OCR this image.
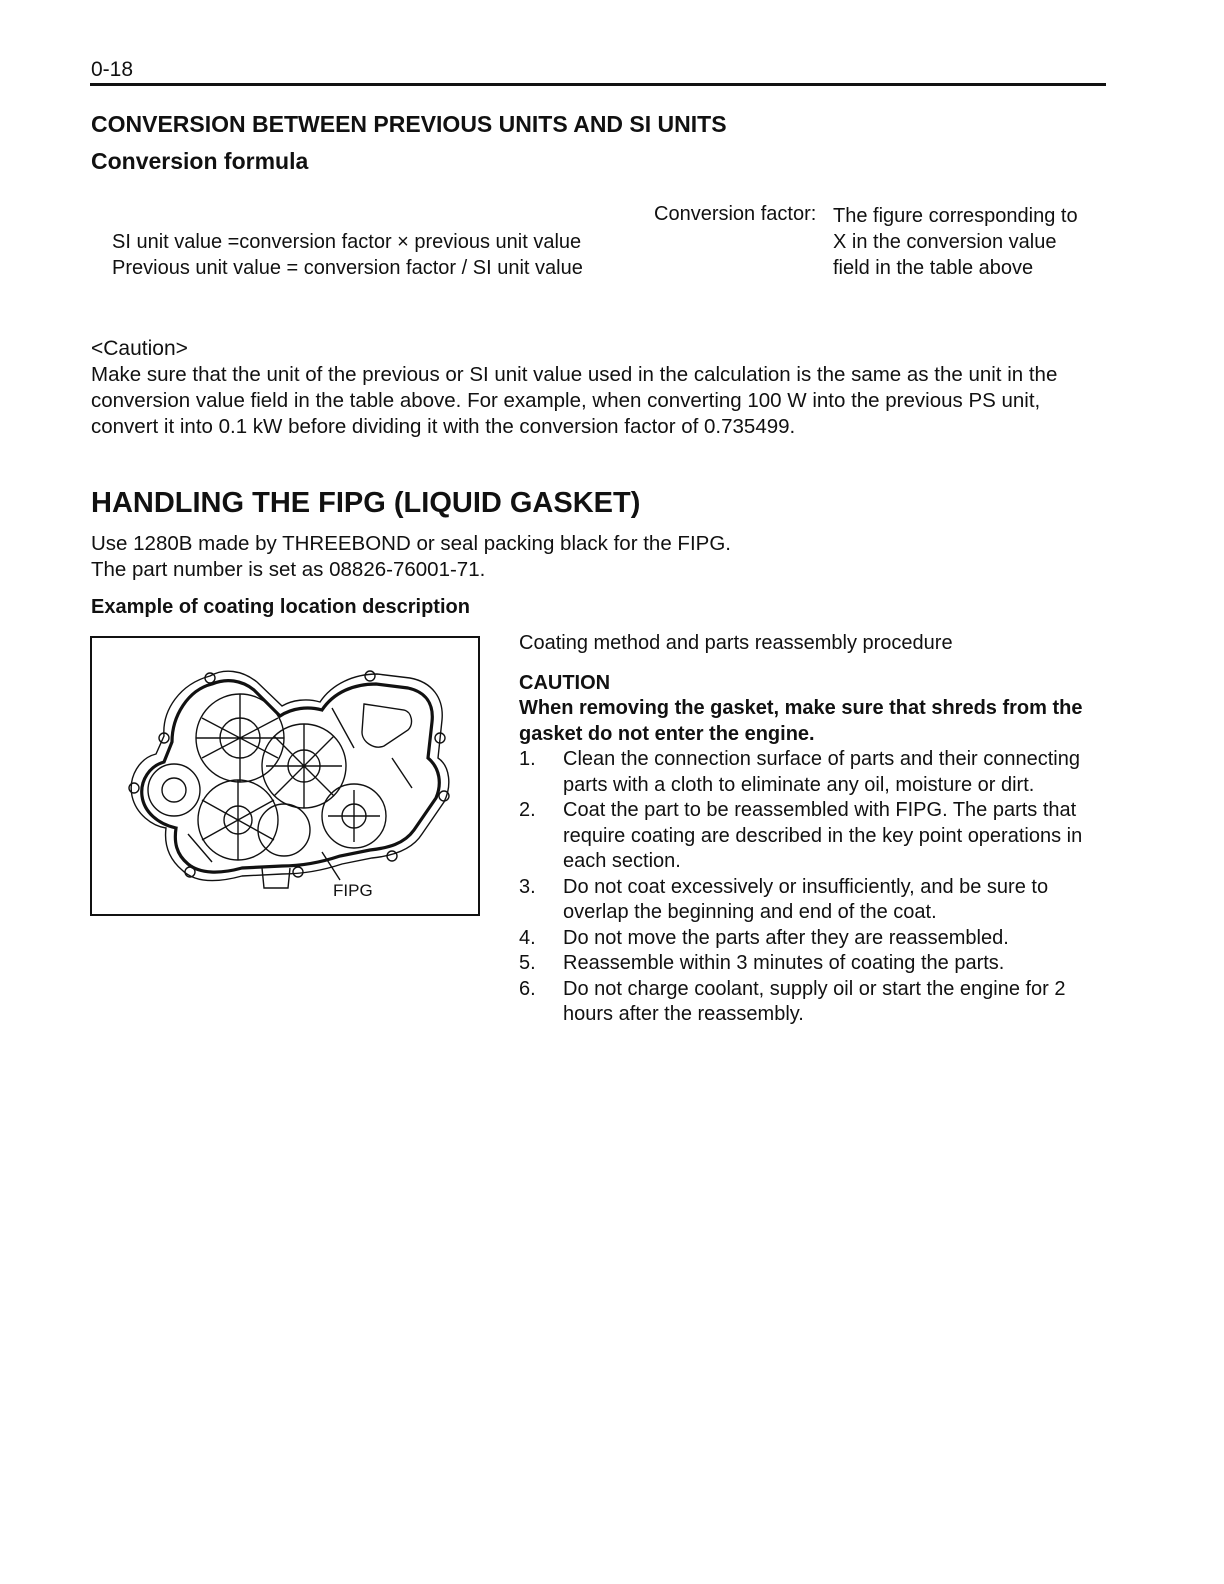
0-18
CONVERSION BETWEEN PREVIOUS UNITS AND SI UNITS
Conversion formula
SI unit value =conversion factor × previous unit value
Previous unit value = conversion factor / SI unit value
Conversion factor: The figure corresponding to X in the conversion value field in the table above
<Caution>
Make sure that the unit of the previous or SI unit value used in the calculation is the same as the unit in the conversion value field in the table above. For example, when converting 100 W into the previous PS unit, convert it into 0.1 kW before dividing it with the conversion factor of 0.735499.
HANDLING THE FIPG (LIQUID GASKET)
Use 1280B made by THREEBOND or seal packing black for the FIPG.
The part number is set as 08826-76001-71.
Example of coating location description
FIPG

Coating method and parts reassembly procedure

CAUTION

When removing the gasket, make sure that shreds from the gasket do not enter the engine.

1.	Clean the connection surface of parts and their connecting parts with a cloth to eliminate any oil, moisture or dirt.
2.	Coat the part to be reassembled with FIPG. The parts that require coating are described in the key point operations in each section.
3.	Do not coat excessively or insufficiently, and be sure to overlap the beginning and end of the coat.
4.	Do not move the parts after they are reassembled.
5.	Reassemble within 3 minutes of coating the parts.
6.	Do not charge coolant, supply oil or start the engine for 2 hours after the reassembly.
